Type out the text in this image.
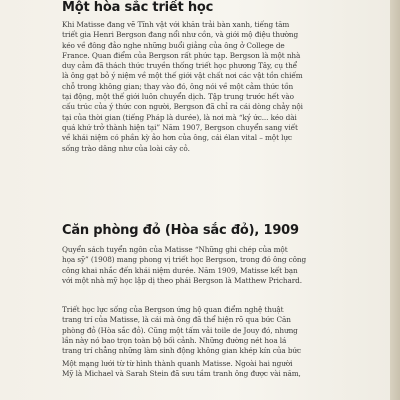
Một hòa sắc triết học
Khi Matisse đang vẽ Tĩnh vật với khăn trải bàn xanh, tiếng tăm
triết gia Henri Bergson đang nổi như cồn, và giới mộ điệu thường
kéo về đông đảo nghe những buổi giảng của ông ở College de
France. Quan điểm của Bergson rất phức tạp. Bergson là một nhà
duy cảm đã thách thức truyền thống triết học phương Tây, cụ thể
là ông gạt bỏ ý niệm về một thế giới vật chất nơi các vật tồn chiếm
chỗ trong không gian; thay vào đó, ông nói về một cảm thức tồn
tại động, một thế giới luôn chuyển dịch. Tập trung trước hết vào
cấu trúc của ý thức con người, Bergson đã chỉ ra cái dòng chảy nội
tại của thời gian (tiếng Pháp là durée), là nơi mà “ký ức... kéo dài
quá khứ trở thành hiện tại” Năm 1907, Bergson chuyển sang viết
về khái niệm có phần kỳ ảo hơn của ông, cái élan vital – một lực
sống trào dâng như của loài cây cỏ.
Căn phòng đỏ (Hòa sắc đỏ), 1909
Quyển sách tuyển ngôn của Matisse “Những ghi chép của một
họa sỹ” (1908) mang phong vị triết học Bergson, trong đó ông công
công khai nhắc đến khái niệm durée. Năm 1909, Matisse kết bạn
với một nhà mỹ học lập dị theo phái Bergson là Matthew Prichard.
Triết học lực sống của Bergson ứng hộ quan điểm nghệ thuật
trang trí của Matisse, là cái mà ông đã thể hiện rõ qua bức Căn
phòng đỏ (Hòa sắc đỏ). Cũng một tấm vải toile de Jouy đó, nhưng
lần này nó bao trọn toàn bộ bối cảnh. Những đường nét hoa lá
trang trí chẳng những làm sinh động không gian khép kín của bức
Một mạng lưới từ từ hình thành quanh Matisse. Ngoài hai người
Mỹ là Michael và Sarah Stein đã sưu tầm tranh ông được vài năm,
